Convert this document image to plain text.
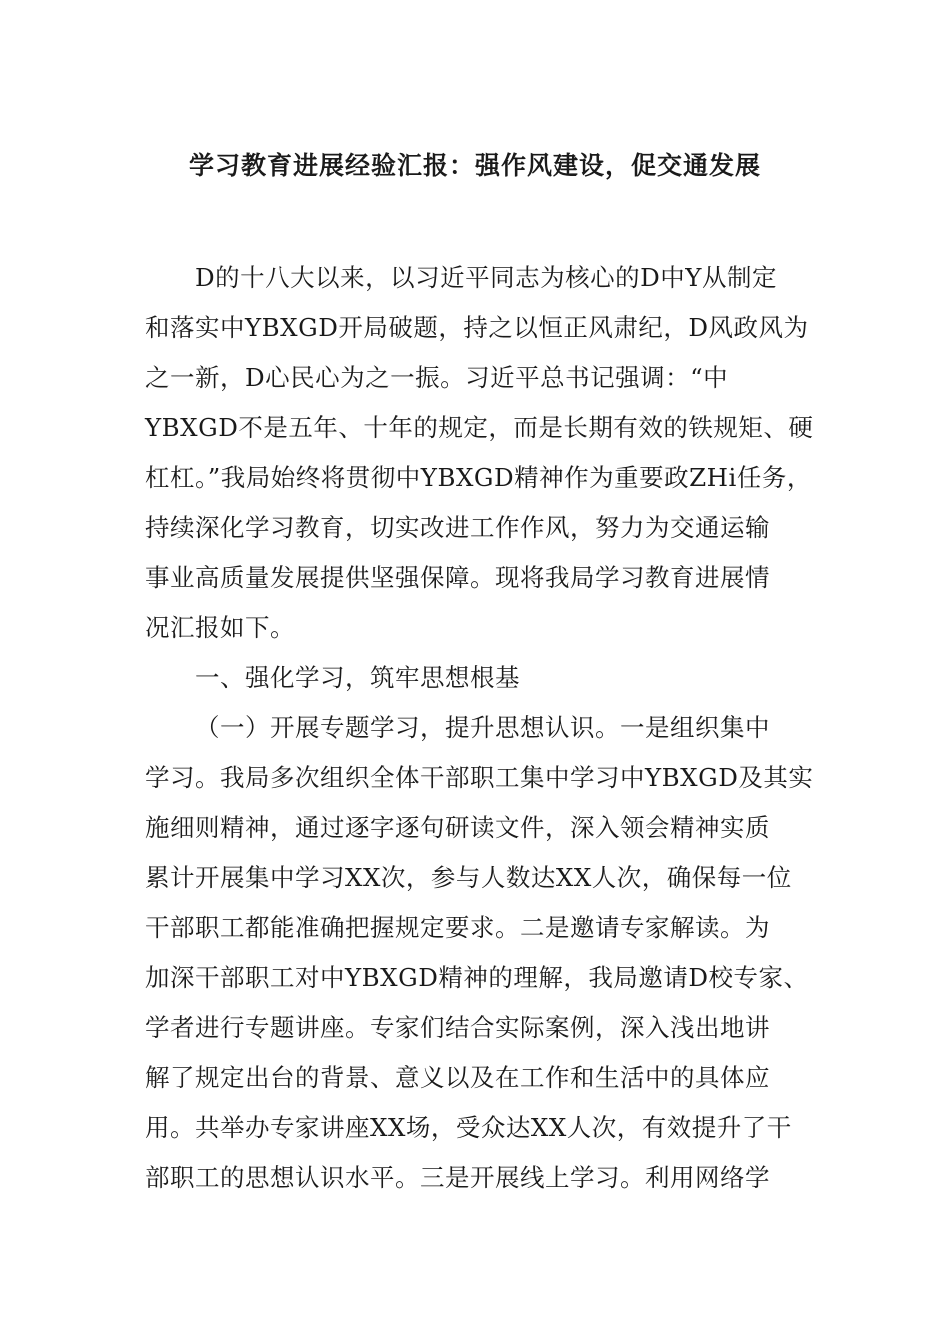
学习教育进展经验汇报：强作风建设，促交通发展

D的十八大以来，以习近平同志为核心的D中Y从制定

和落实中YBXGD开局破题，持之以恒正风肃纪，D风政风为

之一新，D心民心为之一振。习近平总书记强调：“中

YBXGD不是五年、十年的规定，而是长期有效的铁规矩、硬

杠杠。”我局始终将贯彻中YBXGD精神作为重要政ZHi任务，

持续深化学习教育，切实改进工作作风，努力为交通运输

事业高质量发展提供坚强保障。现将我局学习教育进展情

况汇报如下。

一、强化学习，筑牢思想根基

（一）开展专题学习，提升思想认识。一是组织集中

学习。我局多次组织全体干部职工集中学习中YBXGD及其实

施细则精神，通过逐字逐句研读文件，深入领会精神实质

累计开展集中学习XX次，参与人数达XX人次，确保每一位

干部职工都能准确把握规定要求。二是邀请专家解读。为

加深干部职工对中YBXGD精神的理解，我局邀请D校专家、

学者进行专题讲座。专家们结合实际案例，深入浅出地讲

解了规定出台的背景、意义以及在工作和生活中的具体应

用。共举办专家讲座XX场，受众达XX人次，有效提升了干

部职工的思想认识水平。三是开展线上学习。利用网络学
